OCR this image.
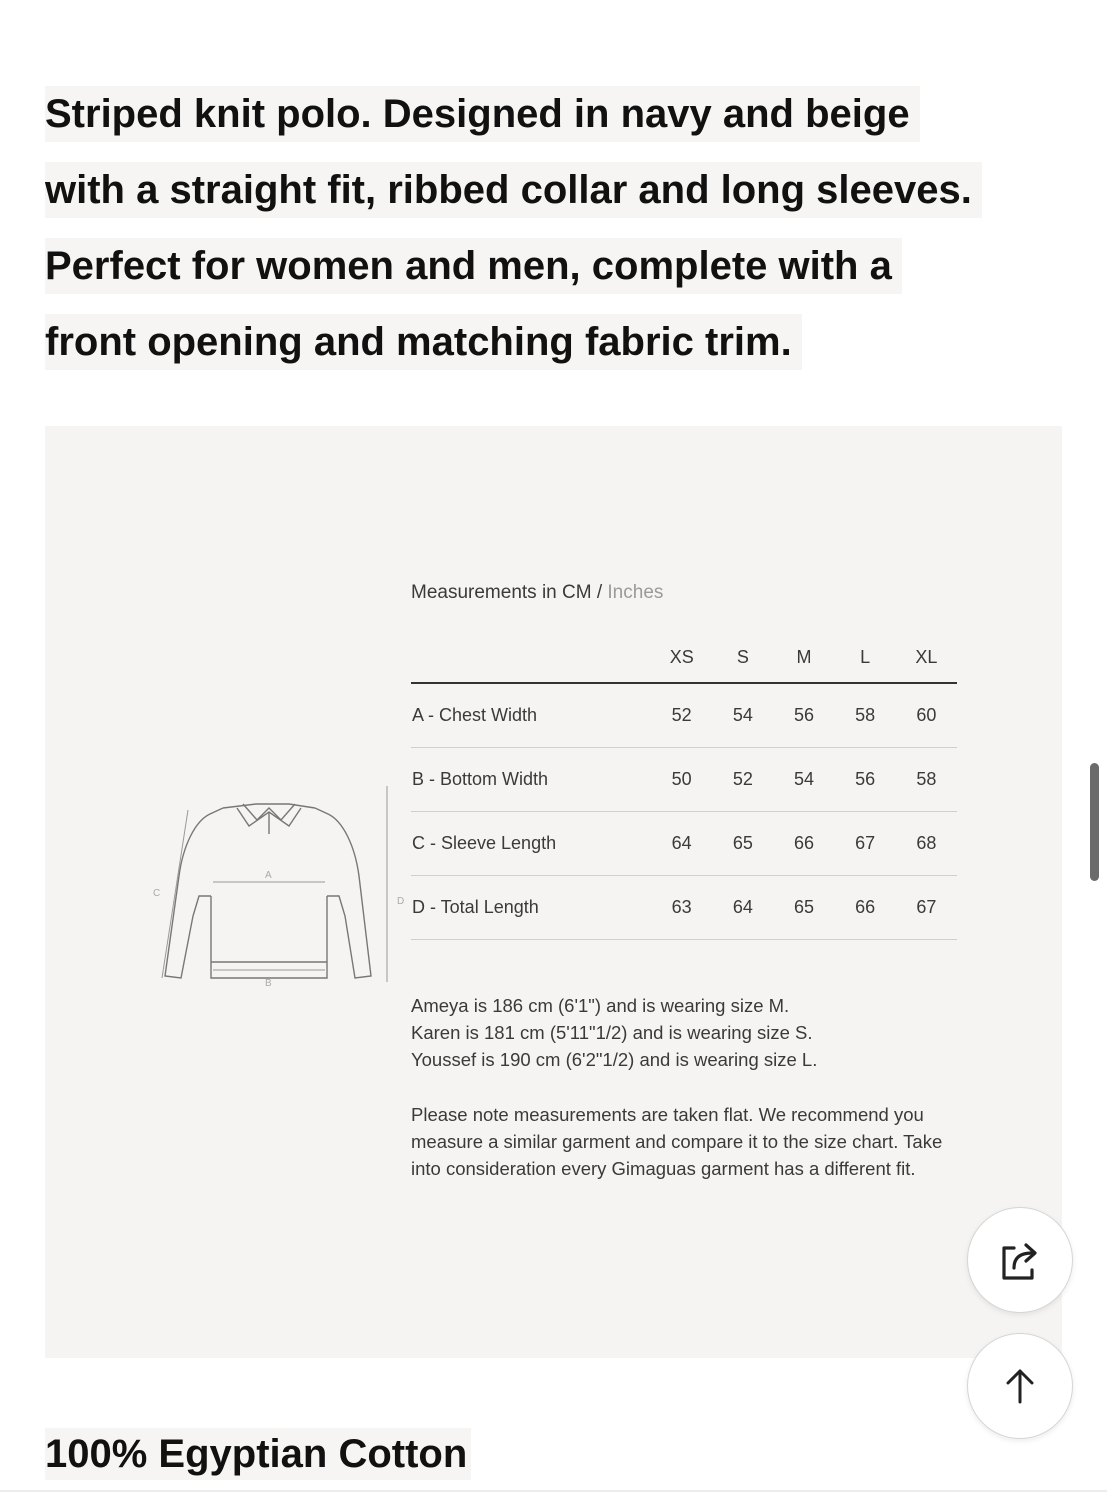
Striped knit polo. Designed in navy and beige
with a straight fit, ribbed collar and long sleeves.
Perfect for women and men, complete with a
front opening and matching fabric trim.
Measurements in CM / Inches
A
B
C
D
	XS	S	M	L	XL
A - Chest Width	52	54	56	58	60
B - Bottom Width	50	52	54	56	58
C - Sleeve Length	64	65	66	67	68
D - Total Length	63	64	65	66	67

Ameya is 186 cm (6'1") and is wearing size M.

Karen is 181 cm (5'11"1/2) and is wearing size S.

Youssef is 190 cm (6'2"1/2) and is wearing size L.

Please note measurements are taken flat. We recommend you measure a similar garment and compare it to the size chart. Take into consideration every Gimaguas garment has a different fit.

100% Egyptian Cotton
